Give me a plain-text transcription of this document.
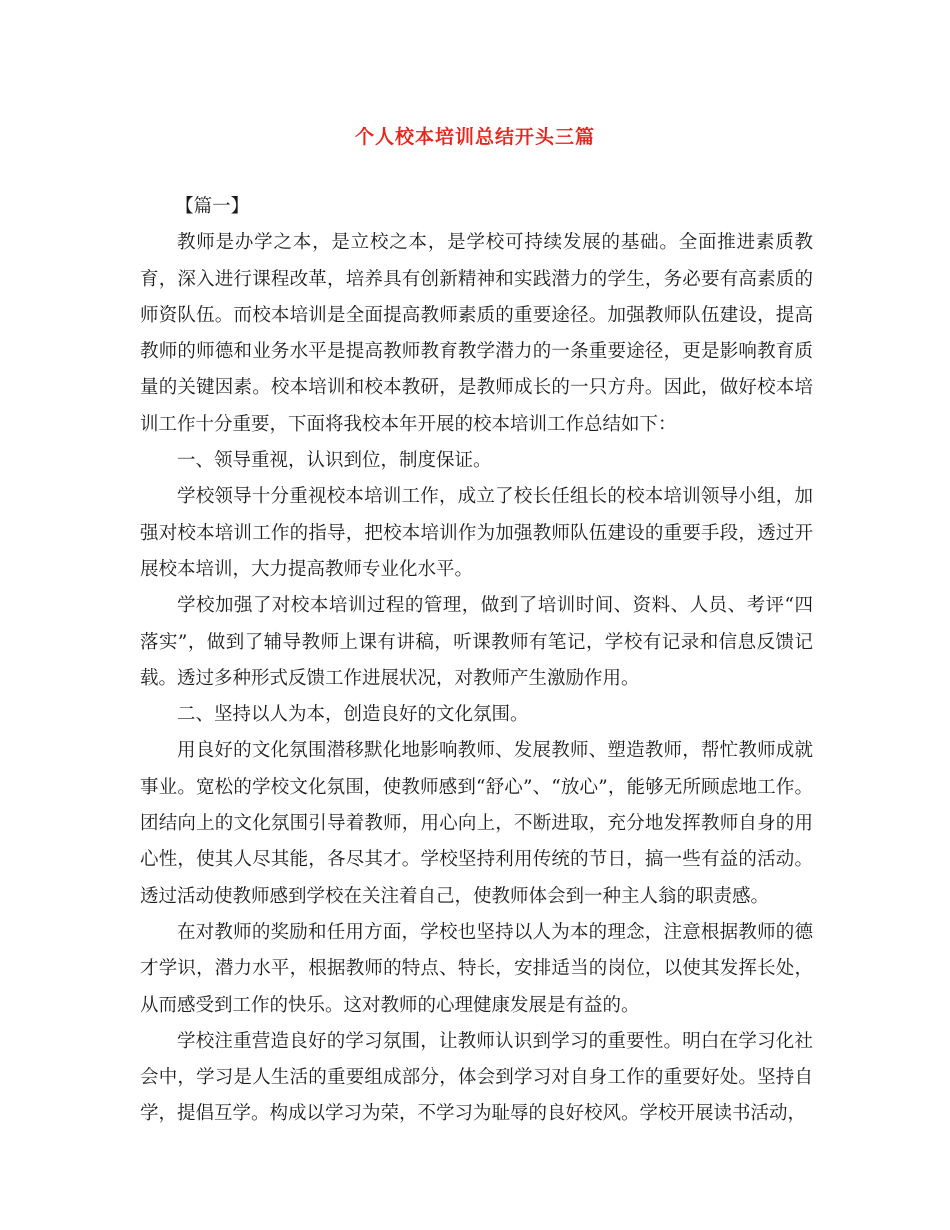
个人校本培训总结开头三篇

【篇一】

教师是办学之本，是立校之本，是学校可持续发展的基础。全面推进素质教育，深入进行课程改革，培养具有创新精神和实践潜力的学生，务必要有高素质的师资队伍。而校本培训是全面提高教师素质的重要途径。加强教师队伍建设，提高教师的师德和业务水平是提高教师教育教学潜力的一条重要途径，更是影响教育质量的关键因素。校本培训和校本教研，是教师成长的一只方舟。因此，做好校本培训工作十分重要，下面将我校本年开展的校本培训工作总结如下：

一、领导重视，认识到位，制度保证。

学校领导十分重视校本培训工作，成立了校长任组长的校本培训领导小组，加强对校本培训工作的指导，把校本培训作为加强教师队伍建设的重要手段，透过开展校本培训，大力提高教师专业化水平。

学校加强了对校本培训过程的管理，做到了培训时间、资料、人员、考评“四落实”，做到了辅导教师上课有讲稿，听课教师有笔记，学校有记录和信息反馈记载。透过多种形式反馈工作进展状况，对教师产生激励作用。

二、坚持以人为本，创造良好的文化氛围。

用良好的文化氛围潜移默化地影响教师、发展教师、塑造教师，帮忙教师成就事业。宽松的学校文化氛围，使教师感到“舒心”、“放心”，能够无所顾虑地工作。团结向上的文化氛围引导着教师，用心向上，不断进取，充分地发挥教师自身的用心性，使其人尽其能，各尽其才。学校坚持利用传统的节日，搞一些有益的活动。透过活动使教师感到学校在关注着自己，使教师体会到一种主人翁的职责感。

在对教师的奖励和任用方面，学校也坚持以人为本的理念，注意根据教师的德才学识，潜力水平，根据教师的特点、特长，安排适当的岗位，以使其发挥长处，从而感受到工作的快乐。这对教师的心理健康发展是有益的。

学校注重营造良好的学习氛围，让教师认识到学习的重要性。明白在学习化社会中，学习是人生活的重要组成部分，体会到学习对自身工作的重要好处。坚持自学，提倡互学。构成以学习为荣，不学习为耻辱的良好校风。学校开展读书活动，
